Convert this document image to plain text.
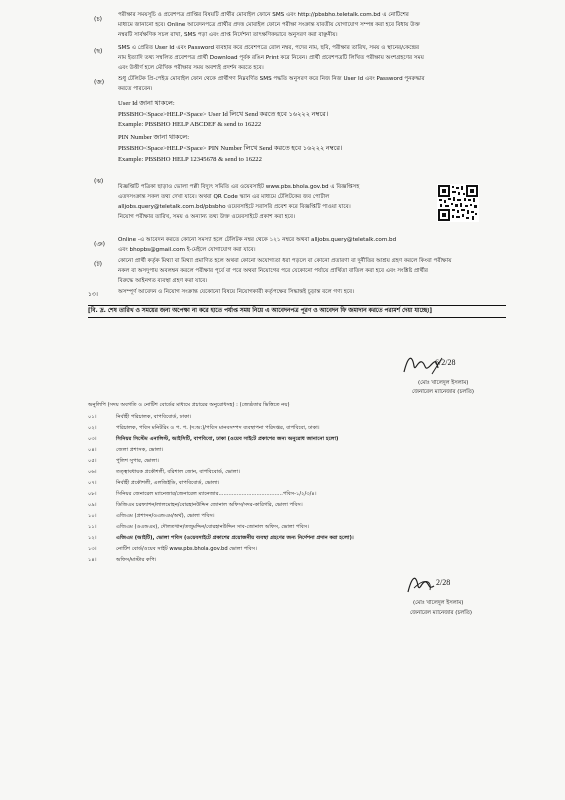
(চ)
পরীক্ষার সময়সূচি ও প্রবেশপত্র প্রাপ্তির বিষয়টি প্রার্থীর মোবাইল ফোনে SMS এবং http://pbsbho.teletalk.com.bd এ নোটিশের
মাধ্যমে জানানো হবে। Online আবেদনপত্রে প্রার্থীর প্রদত্ত মোবাইল ফোনে পরীক্ষা সংক্রান্ত যাবতীয় যোগাযোগ সম্পন্ন করা হবে বিধায় উক্ত
নম্বরটি সার্বক্ষণিক সচল রাখা, SMS পড়া এবং প্রাপ্ত নির্দেশনা তাৎক্ষণিকভাবে অনুসরণ করা বাঞ্ছনীয়।
(ছ)	SMS এ প্রেরিত User Id এবং Password ব্যবহার করে প্রবেশপত্রে রোল নম্বর, পদের নাম, ছবি, পরীক্ষার তারিখ, সময় ও স্থানের/কেন্দ্রের
নাম ইত্যাদি তথ্য সম্বলিত প্রবেশপত্র প্রার্থী Download পূর্বক রঙিন Print করে নিবেন। প্রার্থী প্রবেশপত্রটি লিখিত পরীক্ষায় অংশগ্রহণের সময়
এবং উত্তীর্ণ হলে মৌখিক পরীক্ষার সময় অবশ্যই প্রদর্শন করতে হবে।
(জ) শুধু টেলিটক প্রি-পেইড মোবাইল ফোন থেকে প্রার্থীগণ নিম্নবর্ণিত SMS পদ্ধতি অনুসরণ করে নিজ নিজ User Id এবং Password পুনরুদ্ধার
করতে পারবেন।
User Id জানা থাকলে:
PBSBHO<Space>HELP<Space> User Id লিখে Send করতে হবে ১৬২২২ নম্বরে।
Example: PBSBHO HELP ABCDEF & send to 16222
PIN Number জানা থাকলে:
PBSBHO<Space>HELP<Space> PIN Number লিখে Send করতে হবে ১৬২২২ নম্বরে।
Example: PBSBHO HELP 12345678 & send to 16222
(ঝ)
বিজ্ঞপ্তিটি পত্রিকা ছাড়াও ভোলা পল্লী বিদ্যুৎ সমিতি এর ওয়েবসাইট www.pbs.bhola.gov.bd এ বিজ্ঞপ্তিসহ
এতদসংক্রান্ত সকল তথ্য দেখা যাবে। অথবা QR Code স্ক্যান এর মাধ্যমে টেলিটকের জব পোর্টাল
alljobs.query@teletalk.com.bd/pbsbho ওয়েবসাইটে সরাসরি প্রবেশ করে বিজ্ঞপ্তিটি পাওয়া যাবে।
নিয়োগ পরীক্ষার তারিখ, সময় ও অন্যান্য তথ্য উক্ত ওয়েবসাইটে প্রকাশ করা হবে।
(ঞ)
Online -এ আবেদন করতে কোনো সমস্যা হলে টেলিটক নম্বর থেকে ১২১ নম্বরে অথবা alljobs.query@teletalk.com.bd
এবং bhopbs@gmail.com ই-মেইলে যোগাযোগ করা যাবে।
(ট)	কোনো প্রার্থী কর্তৃক মিথ্যা বা মিথ্যা প্রমাণিত হলে অথবা কোনো অযোগ্যতা ধরা পড়লে বা কোনো প্রতারণা বা দুর্নীতির আশ্রয় গ্রহণ করলে কিংবা পরীক্ষায়
নকল বা অসদুপায় অবলম্বন করলে পরীক্ষার পূর্বে বা পরে অথবা নিয়োগের পরে যেকোনো পর্যায়ে প্রার্থিতা বাতিল করা হবে এবং সংশ্লিষ্ট প্রার্থীর
বিরুদ্ধে আইনগত ব্যবস্থা গ্রহণ করা যাবে।
১৩।	অসম্পূর্ণ আবেদন ও নিয়োগ সংক্রান্ত যেকোনো বিষয়ে নিয়োগকারী কর্তৃপক্ষের সিদ্ধান্তই চূড়ান্ত বলে গণ্য হবে।
[বি. দ্র. শেষ তারিখ ও সময়ের জন্য অপেক্ষা না করে হাতে পর্যাপ্ত সময় নিয়ে এ আবেদনপত্র পূরণ ও আবেদন ফি জমাদান করতে পরামর্শ দেয়া যাচ্ছে।]
6/2/28
(মোঃ খালেদুল ইসলাম)
জেনারেল ম্যানেজার (চলতি)
অনুলিপি (সদয় অবগতি ও নোটিশ বোর্ডের মাধ্যমে প্রচারের অনুরোধসহ) : (জ্যেষ্ঠতার ভিত্তিতে নয়)
০১।	নির্বাহী পরিচালক, বাপবিবোর্ড, ঢাকা।
০২।	পরিচালক, পবিস মনিটরিং ও প. প. (দ:অ:)/পবিস মানবসম্পদ ব্যবস্থাপনা পরিদপ্তর, বাপবিবো, ঢাকা।
০৩।	সিনিয়র সিস্টেম এনালিস্ট, আইসিটি, বাপবিবো, ঢাকা (ওয়েব সাইটে প্রকাশের জন্য অনুরোধ জানানো হলো)
০৪।	জেলা প্রশাসক, ভোলা।
০৫।	পুলিশ সুপার, ভোলা।
০৬।	তত্ত্বাবধায়ক প্রকৌশলী, বরিশাল জোন, বাপবিবোর্ড, ভোলা।
০৭।	নির্বাহী প্রকৌশলী, এলজিইডি, বাপবিবোর্ড, ভোলা।
০৮।	সিনিয়র জেনারেল ম্যানেজার/জেনারেল ম্যানেজার.......................................পবিস-১/২/৩/৪।
০৯।	ডিজিএম চরফ্যাশন/লালমোহন/বোরহানউদ্দিন জোনাল অফিস/সদর-কারিগরি, ভোলা পবিস।
১০।	এজিএম (প্রশাসন/ওএন্ডএম/অর্থ), ভোলা পবিস।
১১।	এজিএম (ওএন্ডএম), দৌলতখান/তজুমদ্দিন/বোরহানউদ্দিন সাব-জোনাল অফিস, ভোলা পবিস।
১২।	এজিএম (আইটি), ভোলা পবিস (ওয়েবসাইটে প্রকাশের প্রয়োজনীয় ব্যবস্থা গ্রহণের জন্য নির্দেশনা প্রদান করা হলো)।
১৩।	নোটিশ বোর্ড/ওয়েব সাইট www.pbs.bhola.gov.bd ভোলা পবিস।
১৪।	অফিস/মাস্টার কপি।
2/28
(মোঃ খালেদুল ইসলাম)
জেনারেল ম্যানেজার (চলতি)
